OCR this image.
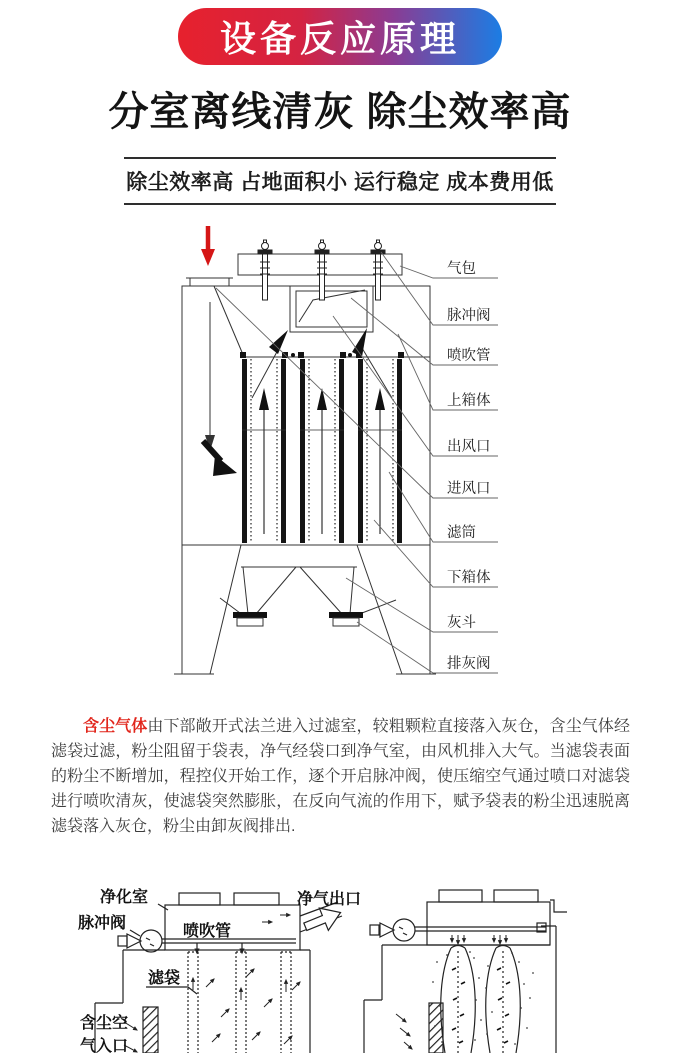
设备反应原理
分室离线清灰 除尘效率高
除尘效率高 占地面积小 运行稳定 成本费用低
气包
脉冲阀
喷吹管
上箱体
出风口
进风口
滤筒
下箱体
灰斗
排灰阀

含尘气体由下部敞开式法兰进入过滤室，较粗颗粒直接落入灰仓，含尘气体经滤袋过滤，粉尘阻留于袋表，净气经袋口到净气室，由风机排入大气。当滤袋表面的粉尘不断增加，程控仪开始工作，逐个开启脉冲阀，使压缩空气通过喷口对滤袋进行喷吹清灰，使滤袋突然膨胀，在反向气流的作用下，赋予袋表的粉尘迅速脱离滤袋落入灰仓，粉尘由卸灰阀排出.

净化室
脉冲阀	喷吹管
净气出口
滤袋
含尘空
气入口
